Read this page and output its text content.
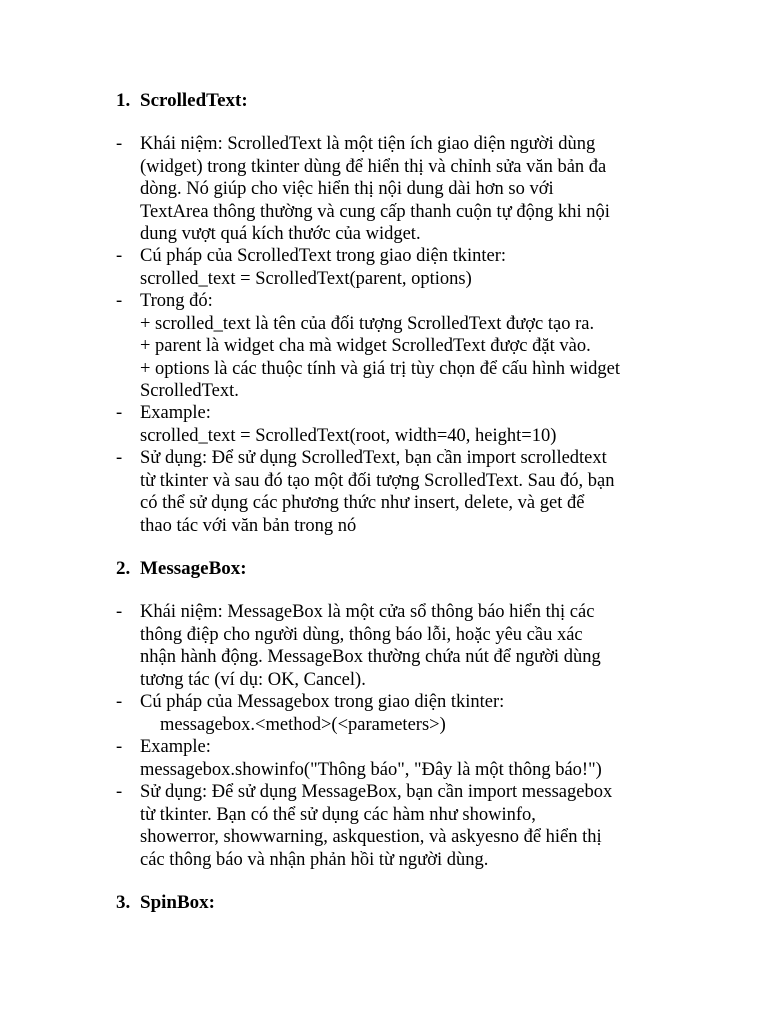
1. ScrolledText:
- Khái niệm: ScrolledText là một tiện ích giao diện người dùng
(widget) trong tkinter dùng để hiển thị và chỉnh sửa văn bản đa
dòng. Nó giúp cho việc hiển thị nội dung dài hơn so với
TextArea thông thường và cung cấp thanh cuộn tự động khi nội
dung vượt quá kích thước của widget.
- Cú pháp của ScrolledText trong giao diện tkinter:
scrolled_text = ScrolledText(parent, options)
- Trong đó:
+ scrolled_text là tên của đối tượng ScrolledText được tạo ra.
+ parent là widget cha mà widget ScrolledText được đặt vào.
+ options là các thuộc tính và giá trị tùy chọn để cấu hình widget
ScrolledText.
- Example:
scrolled_text = ScrolledText(root, width=40, height=10)
- Sử dụng: Để sử dụng ScrolledText, bạn cần import scrolledtext
từ tkinter và sau đó tạo một đối tượng ScrolledText. Sau đó, bạn
có thể sử dụng các phương thức như insert, delete, và get để
thao tác với văn bản trong nó
2. MessageBox:
- Khái niệm: MessageBox là một cửa sổ thông báo hiển thị các
thông điệp cho người dùng, thông báo lỗi, hoặc yêu cầu xác
nhận hành động. MessageBox thường chứa nút để người dùng
tương tác (ví dụ: OK, Cancel).
- Cú pháp của Messagebox trong giao diện tkinter:
messagebox.<method>(<parameters>)
- Example:
messagebox.showinfo("Thông báo", "Đây là một thông báo!")
- Sử dụng: Để sử dụng MessageBox, bạn cần import messagebox
từ tkinter. Bạn có thể sử dụng các hàm như showinfo,
showerror, showwarning, askquestion, và askyesno để hiển thị
các thông báo và nhận phản hồi từ người dùng.
3. SpinBox:
